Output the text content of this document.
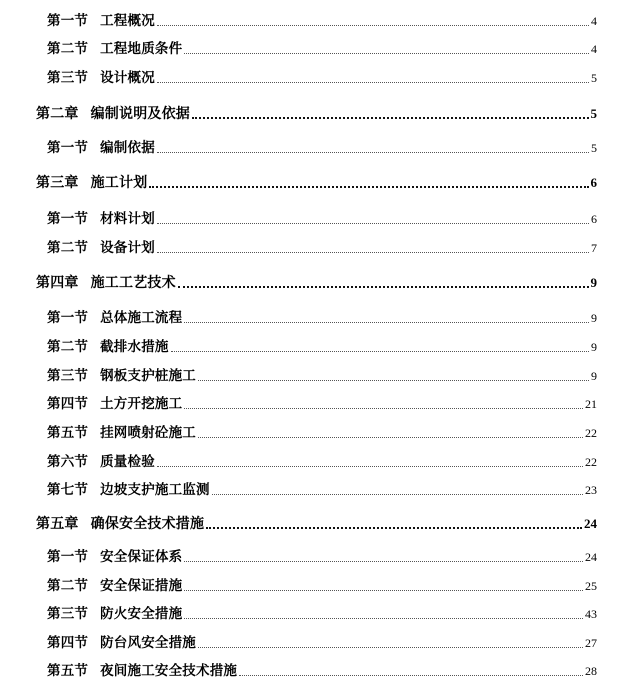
第一节 工程概况	4
第二节 工程地质条件	4
第三节 设计概况	5
第二章 编制说明及依据	5
第一节 编制依据	5
第三章 施工计划	6
第一节 材料计划	6
第二节 设备计划	7
第四章 施工工艺技术	9
第一节 总体施工流程	9
第二节 截排水措施	9
第三节 钢板支护桩施工	9
第四节 土方开挖施工	21
第五节 挂网喷射砼施工	22
第六节 质量检验	22
第七节 边坡支护施工监测	23
第五章 确保安全技术措施	24
第一节 安全保证体系	24
第二节 安全保证措施	25
第三节 防火安全措施	43
第四节 防台风安全措施	27
第五节 夜间施工安全技术措施	28
